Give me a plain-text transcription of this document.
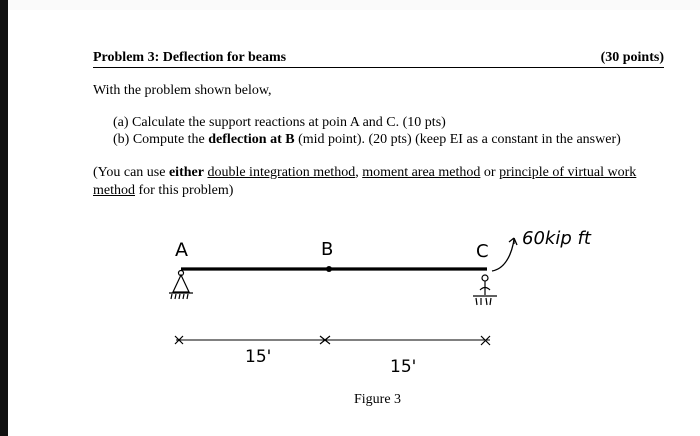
Problem 3: Deflection for beams	(30 points)
With the problem shown below,
(a) Calculate the support reactions at poin A and C. (10 pts)
(b) Compute the deflection at B (mid point). (20 pts) (keep EI as a constant in the answer)
(You can use either double integration method, moment area method or principle of virtual work
method for this problem)
A	B	C
60kip ft
15'	15'
Figure 3
